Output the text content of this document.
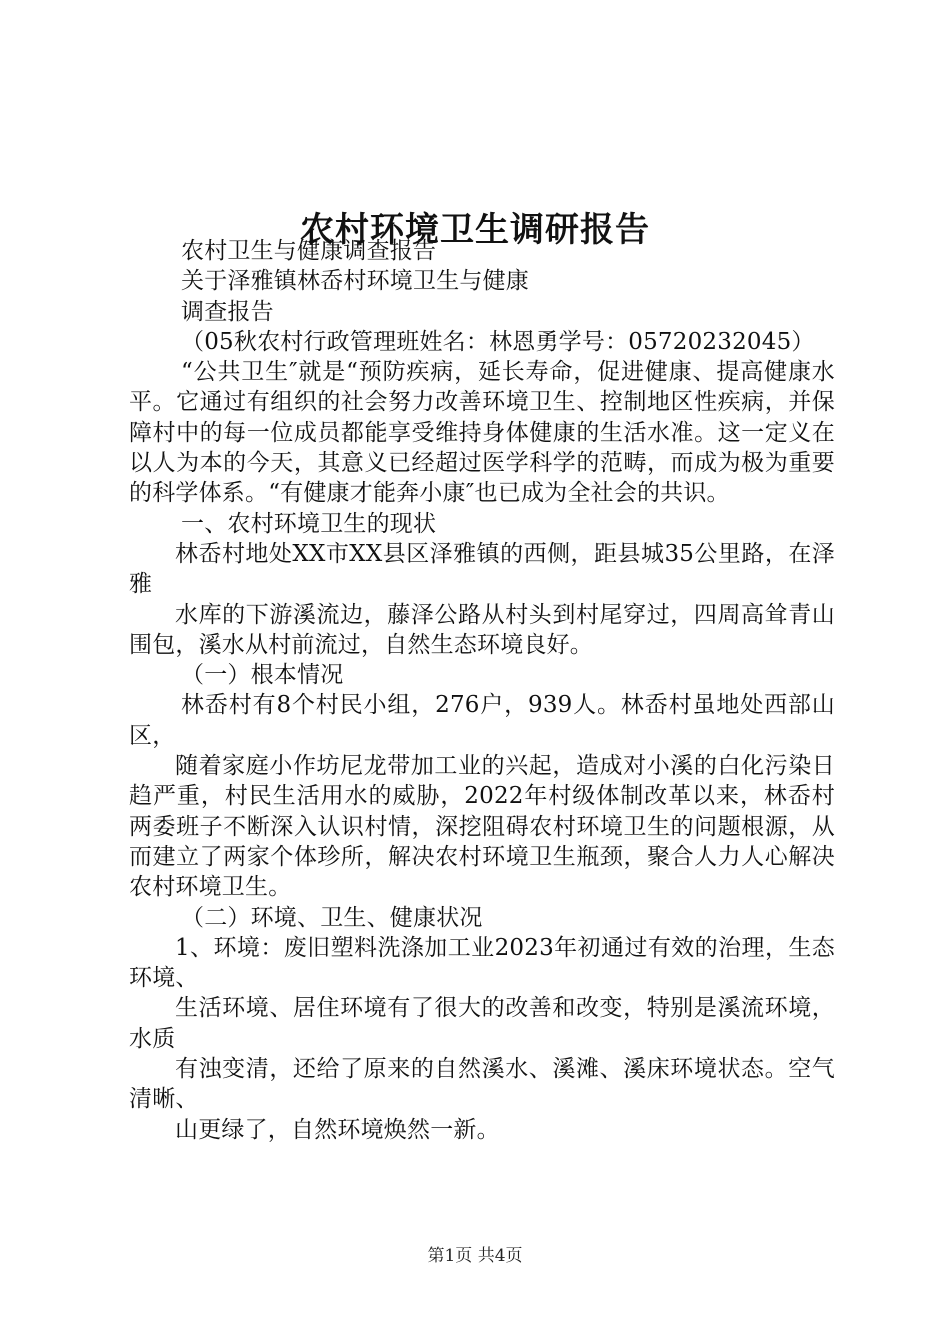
农村环境卫生调研报告

农村卫生与健康调查报告

关于泽雅镇林岙村环境卫生与健康

调查报告

（05秋农村行政管理班姓名：林恩勇学号：05720232045）

“公共卫生″就是“预防疾病，延长寿命，促进健康、提高健康水平。它通过有组织的社会努力改善环境卫生、控制地区性疾病，并保障村中的每一位成员都能享受维持身体健康的生活水准。这一定义在以人为本的今天，其意义已经超过医学科学的范畴，而成为极为重要的科学体系。“有健康才能奔小康″也已成为全社会的共识。

一、农村环境卫生的现状

林岙村地处XX市XX县区泽雅镇的西侧，距县城35公里路，在泽雅

水库的下游溪流边，藤泽公路从村头到村尾穿过，四周高耸青山围包，溪水从村前流过，自然生态环境良好。

（一）根本情况

林岙村有8个村民小组，276户，939人。林岙村虽地处西部山区，

随着家庭小作坊尼龙带加工业的兴起，造成对小溪的白化污染日趋严重，村民生活用水的威胁，2022年村级体制改革以来，林岙村两委班子不断深入认识村情，深挖阻碍农村环境卫生的问题根源，从而建立了两家个体珍所，解决农村环境卫生瓶颈，聚合人力人心解决农村环境卫生。

（二）环境、卫生、健康状况

1、环境：废旧塑料洗涤加工业2023年初通过有效的治理，生态环境、

生活环境、居住环境有了很大的改善和改变，特别是溪流环境，水质

有浊变清，还给了原来的自然溪水、溪滩、溪床环境状态。空气清晰、

山更绿了，自然环境焕然一新。

第1页 共4页
